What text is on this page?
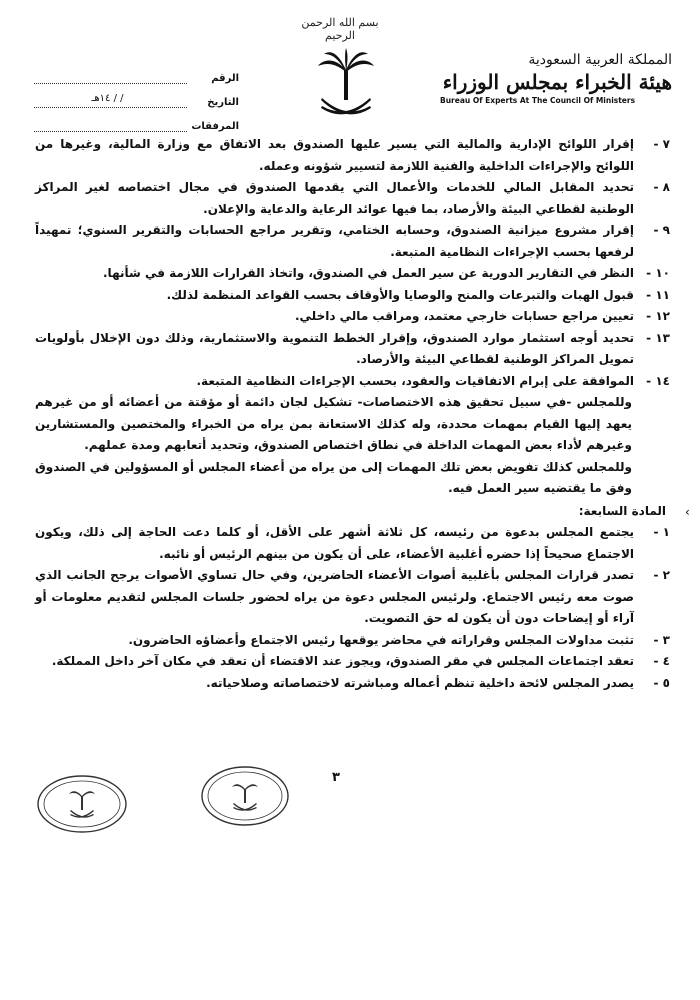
بسم الله الرحمن الرحيم
المملكة العربية السعودية
هيئة الخبراء بمجلس الوزراء
Bureau Of Experts At The Council Of Ministers
الرقم
التاريخ
/ / ١٤هـ
المرفقات
٧ -
إقرار اللوائح الإدارية والمالية التي يسير عليها الصندوق بعد الاتفاق مع وزارة المالية، وغيرها من اللوائح والإجراءات الداخلية والفنية اللازمة لتسيير شؤونه وعمله.
٨ -
تحديد المقابل المالي للخدمات والأعمال التي يقدمها الصندوق في مجال اختصاصه لغير المراكز الوطنية لقطاعي البيئة والأرصاد، بما فيها عوائد الرعاية والدعاية والإعلان.
٩ -
إقرار مشروع ميزانية الصندوق، وحسابه الختامي، وتقرير مراجع الحسابات والتقرير السنوي؛ تمهيداً لرفعها بحسب الإجراءات النظامية المتبعة.
١٠ -
النظر في التقارير الدورية عن سير العمل في الصندوق، واتخاذ القرارات اللازمة في شأنها.
١١ -
قبول الهبات والتبرعات والمنح والوصايا والأوقاف بحسب القواعد المنظمة لذلك.
١٢ -
تعيين مراجع حسابات خارجي معتمد، ومراقب مالي داخلي.
١٣ -
تحديد أوجه استثمار موارد الصندوق، وإقرار الخطط التنموية والاستثمارية، وذلك دون الإخلال بأولويات تمويل المراكز الوطنية لقطاعي البيئة والأرصاد.
١٤ -
الموافقة على إبرام الاتفاقيات والعقود، بحسب الإجراءات النظامية المتبعة.
وللمجلس -في سبيل تحقيق هذه الاختصاصات- تشكيل لجان دائمة أو مؤقتة من أعضائه أو من غيرهم يعهد إليها القيام بمهمات محددة، وله كذلك الاستعانة بمن يراه من الخبراء والمختصين والمستشارين وغيرهم لأداء بعض المهمات الداخلة في نطاق اختصاص الصندوق، وتحديد أتعابهم ومدة عملهم.
وللمجلس كذلك تفويض بعض تلك المهمات إلى من يراه من أعضاء المجلس أو المسؤولين في الصندوق وفق ما يقتضيه سير العمل فيه.
المادة السابعة:
١ -
يجتمع المجلس بدعوة من رئيسه، كل ثلاثة أشهر على الأقل، أو كلما دعت الحاجة إلى ذلك، ويكون الاجتماع صحيحاً إذا حضره أغلبية الأعضاء، على أن يكون من بينهم الرئيس أو نائبه.
٢ -
تصدر قرارات المجلس بأغلبية أصوات الأعضاء الحاضرين، وفي حال تساوي الأصوات يرجح الجانب الذي صوت معه رئيس الاجتماع. ولرئيس المجلس دعوة من يراه لحضور جلسات المجلس لتقديم معلومات أو آراء أو إيضاحات دون أن يكون له حق التصويت.
٣ -
تثبت مداولات المجلس وقراراته في محاضر يوقعها رئيس الاجتماع وأعضاؤه الحاضرون.
٤ -
تعقد اجتماعات المجلس في مقر الصندوق، ويجوز عند الاقتضاء أن تعقد في مكان آخر داخل المملكة.
٥ -
يصدر المجلس لائحة داخلية تنظم أعماله ومباشرته لاختصاصاته وصلاحياته.
٣
‹
